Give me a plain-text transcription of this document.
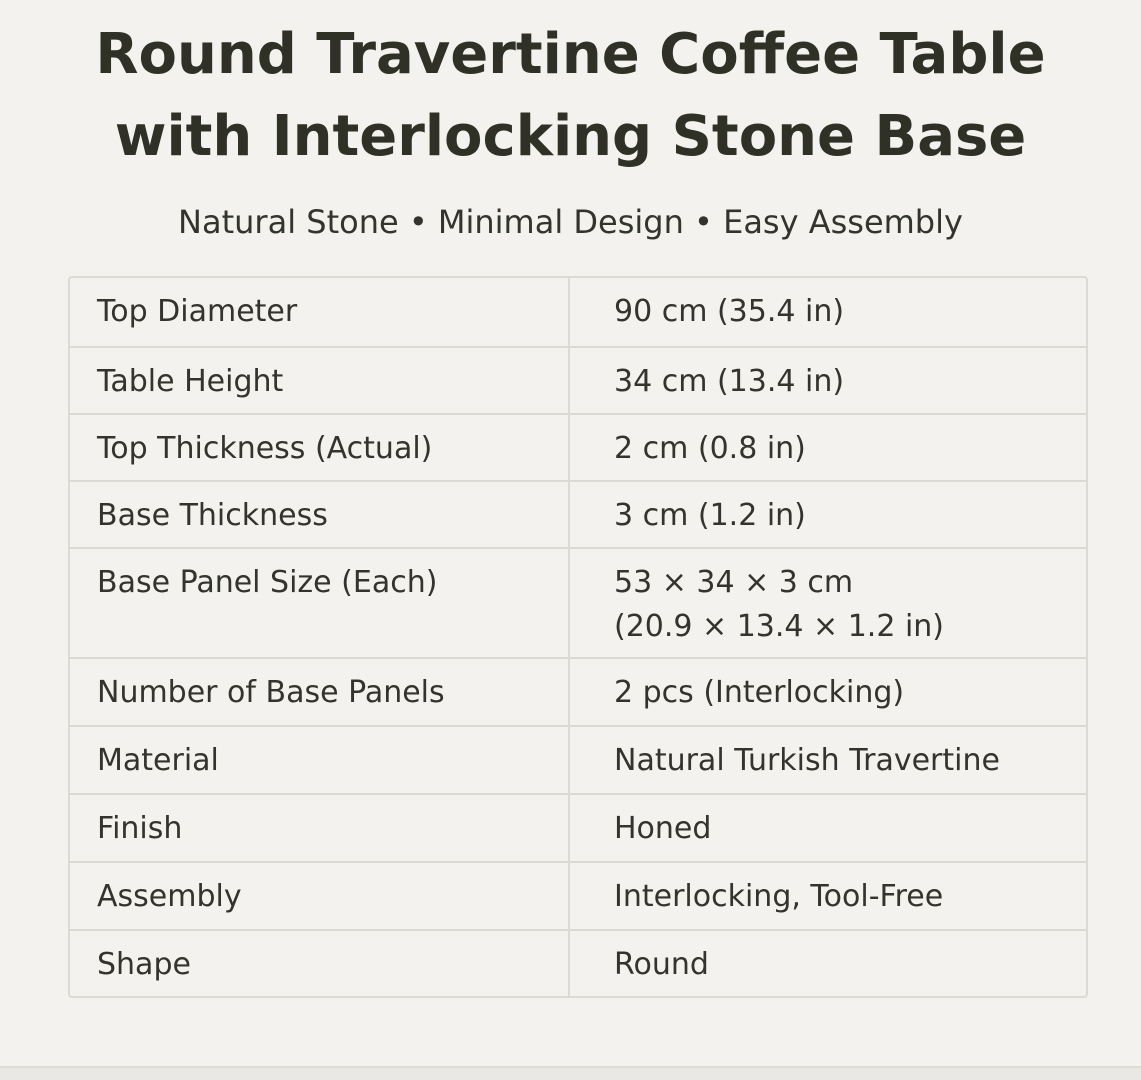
Round Travertine Coffee Table
with Interlocking Stone Base
Natural Stone • Minimal Design • Easy Assembly
Top Diameter	90 cm (35.4 in)
Table Height	34 cm (13.4 in)
Top Thickness (Actual)	2 cm (0.8 in)
Base Thickness	3 cm (1.2 in)
Base Panel Size (Each)	53 × 34 × 3 cm
(20.9 × 13.4 × 1.2 in)
Number of Base Panels	2 pcs (Interlocking)
Material	Natural Turkish Travertine
Finish	Honed
Assembly	Interlocking, Tool-Free
Shape	Round
